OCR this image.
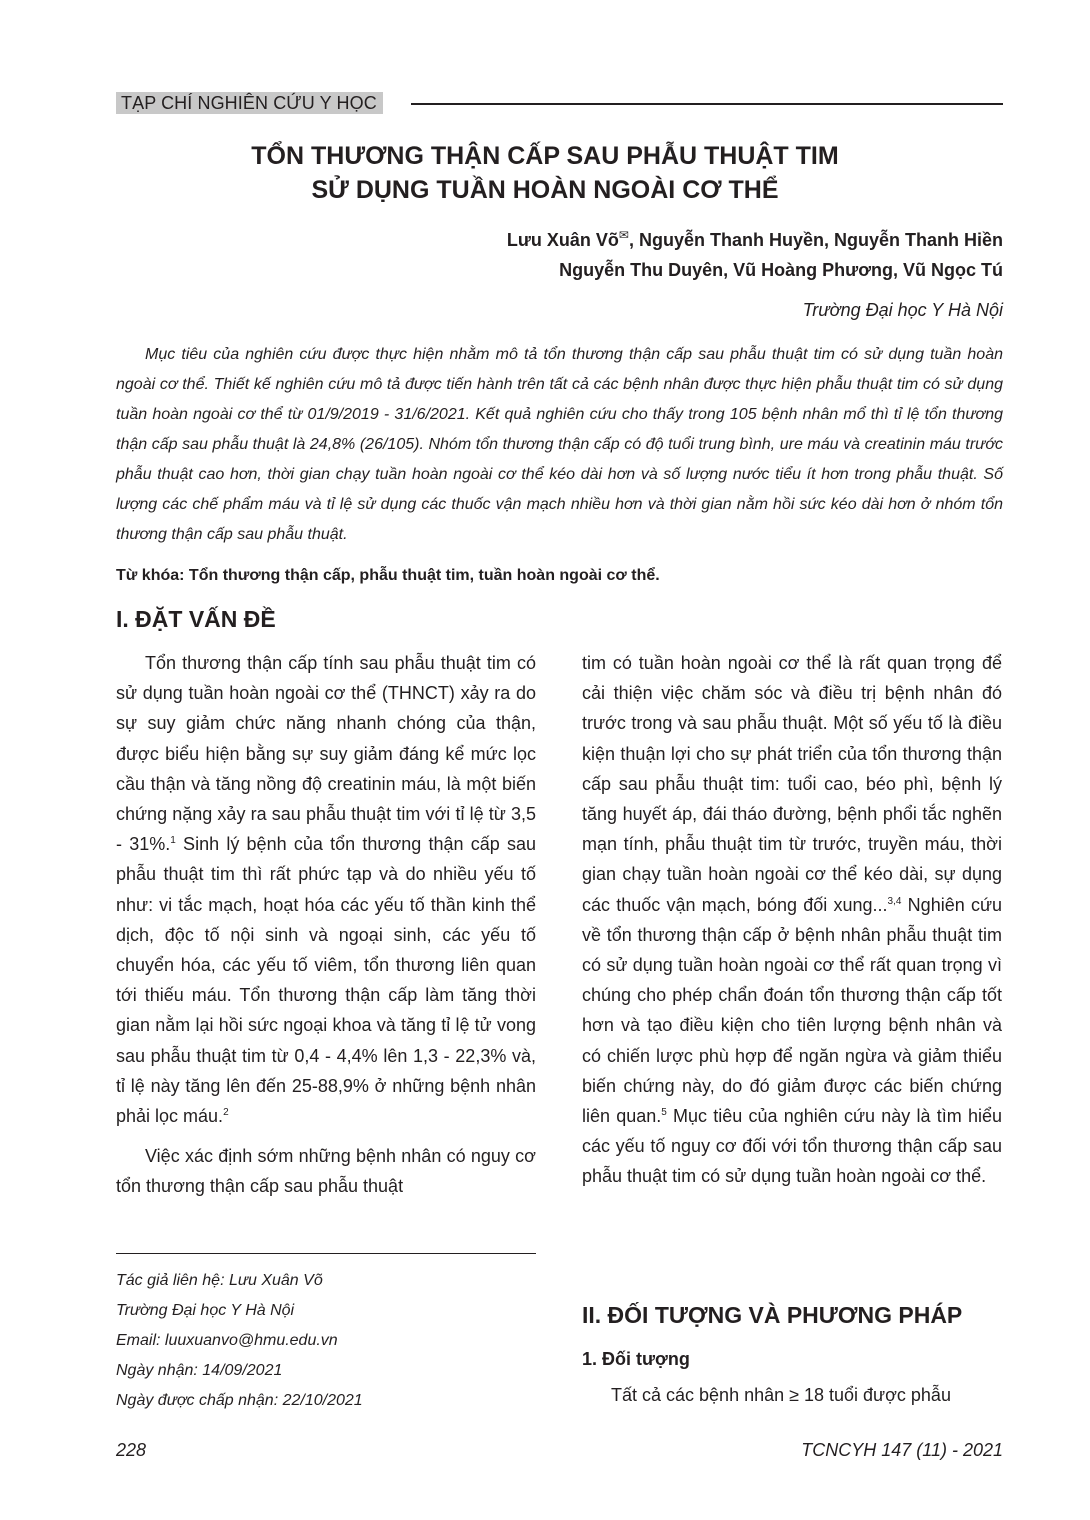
TẠP CHÍ NGHIÊN CỨU Y HỌC
TỔN THƯƠNG THẬN CẤP SAU PHẪU THUẬT TIM
SỬ DỤNG TUẦN HOÀN NGOÀI CƠ THỂ
Lưu Xuân Võ✉, Nguyễn Thanh Huyền, Nguyễn Thanh Hiền
Nguyễn Thu Duyên, Vũ Hoàng Phương, Vũ Ngọc Tú
Trường Đại học Y Hà Nội

Mục tiêu của nghiên cứu được thực hiện nhằm mô tả tổn thương thận cấp sau phẫu thuật tim có sử dụng tuần hoàn ngoài cơ thể. Thiết kế nghiên cứu mô tả được tiến hành trên tất cả các bệnh nhân được thực hiện phẫu thuật tim có sử dụng tuần hoàn ngoài cơ thể từ 01/9/2019 - 31/6/2021. Kết quả nghiên cứu cho thấy trong 105 bệnh nhân mổ thì tỉ lệ tổn thương thận cấp sau phẫu thuật là 24,8% (26/105). Nhóm tổn thương thận cấp có độ tuổi trung bình, ure máu và creatinin máu trước phẫu thuật cao hơn, thời gian chạy tuần hoàn ngoài cơ thể kéo dài hơn và số lượng nước tiểu ít hơn trong phẫu thuật. Số lượng các chế phẩm máu và tỉ lệ sử dụng các thuốc vận mạch nhiều hơn và thời gian nằm hồi sức kéo dài hơn ở nhóm tổn thương thận cấp sau phẫu thuật.

Từ khóa: Tổn thương thận cấp, phẫu thuật tim, tuần hoàn ngoài cơ thể.
I. ĐẶT VẤN ĐỀ

Tổn thương thận cấp tính sau phẫu thuật tim có sử dụng tuần hoàn ngoài cơ thể (THNCT) xảy ra do sự suy giảm chức năng nhanh chóng của thận, được biểu hiện bằng sự suy giảm đáng kể mức lọc cầu thận và tăng nồng độ creatinin máu, là một biến chứng nặng xảy ra sau phẫu thuật tim với tỉ lệ từ 3,5 - 31%.$^1$ Sinh lý bệnh của tổn thương thận cấp sau phẫu thuật tim thì rất phức tạp và do nhiều yếu tố như: vi tắc mạch, hoạt hóa các yếu tố thần kinh thể dịch, độc tố nội sinh và ngoại sinh, các yếu tố chuyển hóa, các yếu tố viêm, tổn thương liên quan tới thiếu máu. Tổn thương thận cấp làm tăng thời gian nằm lại hồi sức ngoại khoa và tăng tỉ lệ tử vong sau phẫu thuật tim từ 0,4 - 4,4% lên 1,3 - 22,3% và, tỉ lệ này tăng lên đến 25-88,9% ở những bệnh nhân phải lọc máu.$^2$

Việc xác định sớm những bệnh nhân có nguy cơ tổn thương thận cấp sau phẫu thuật

Tác giả liên hệ: Lưu Xuân Võ
Trường Đại học Y Hà Nội
Email: luuxuanvo@hmu.edu.vn
Ngày nhận: 14/09/2021
Ngày được chấp nhận: 22/10/2021

tim có tuần hoàn ngoài cơ thể là rất quan trọng để cải thiện việc chăm sóc và điều trị bệnh nhân đó trước trong và sau phẫu thuật. Một số yếu tố là điều kiện thuận lợi cho sự phát triển của tổn thương thận cấp sau phẫu thuật tim: tuổi cao, béo phì, bệnh lý tăng huyết áp, đái tháo đường, bệnh phổi tắc nghẽn mạn tính, phẫu thuật tim từ trước, truyền máu, thời gian chạy tuần hoàn ngoài cơ thể kéo dài, sự dụng các thuốc vận mạch, bóng đối xung...$^{3,4}$ Nghiên cứu về tổn thương thận cấp ở bệnh nhân phẫu thuật tim có sử dụng tuần hoàn ngoài cơ thể rất quan trọng vì chúng cho phép chẩn đoán tổn thương thận cấp tốt hơn và tạo điều kiện cho tiên lượng bệnh nhân và có chiến lược phù hợp để ngăn ngừa và giảm thiểu biến chứng này, do đó giảm được các biến chứng liên quan.$^5$ Mục tiêu của nghiên cứu này là tìm hiểu các yếu tố nguy cơ đối với tổn thương thận cấp sau phẫu thuật tim có sử dụng tuần hoàn ngoài cơ thể.

II. ĐỐI TƯỢNG VÀ PHƯƠNG PHÁP
1. Đối tượng

Tất cả các bệnh nhân ≥ 18 tuổi được phẫu

228	TCNCYH 147 (11) - 2021
